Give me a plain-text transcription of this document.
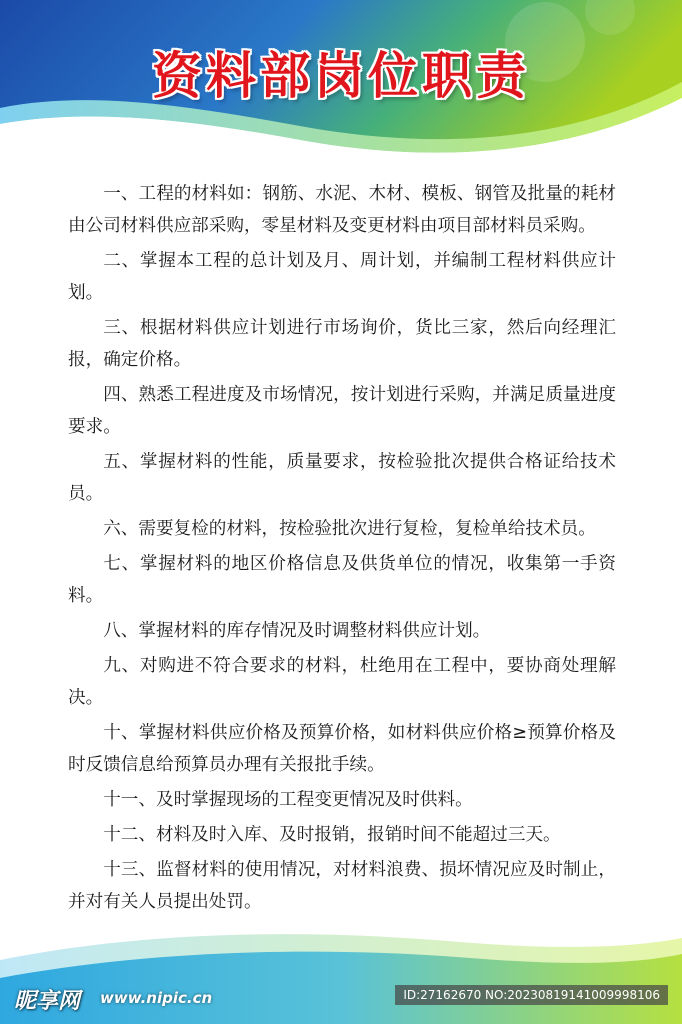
资料部岗位职责

一、工程的材料如：钢筋、水泥、木材、模板、钢管及批量的耗材由公司材料供应部采购，零星材料及变更材料由项目部材料员采购。

二、掌握本工程的总计划及月、周计划，并编制工程材料供应计划。

三、根据材料供应计划进行市场询价，货比三家，然后向经理汇报，确定价格。

四、熟悉工程进度及市场情况，按计划进行采购，并满足质量进度要求。

五、掌握材料的性能，质量要求，按检验批次提供合格证给技术员。

六、需要复检的材料，按检验批次进行复检，复检单给技术员。

七、掌握材料的地区价格信息及供货单位的情况，收集第一手资料。

八、掌握材料的库存情况及时调整材料供应计划。

九、对购进不符合要求的材料，杜绝用在工程中，要协商处理解决。

十、掌握材料供应价格及预算价格，如材料供应价格≥预算价格及时反馈信息给预算员办理有关报批手续。

十一、及时掌握现场的工程变更情况及时供料。

十二、材料及时入库、及时报销，报销时间不能超过三天。

十三、监督材料的使用情况，对材料浪费、损坏情况应及时制止，并对有关人员提出处罚。

昵享网 www.nipic.cn	ID:27162670 NO:20230819141009998106
